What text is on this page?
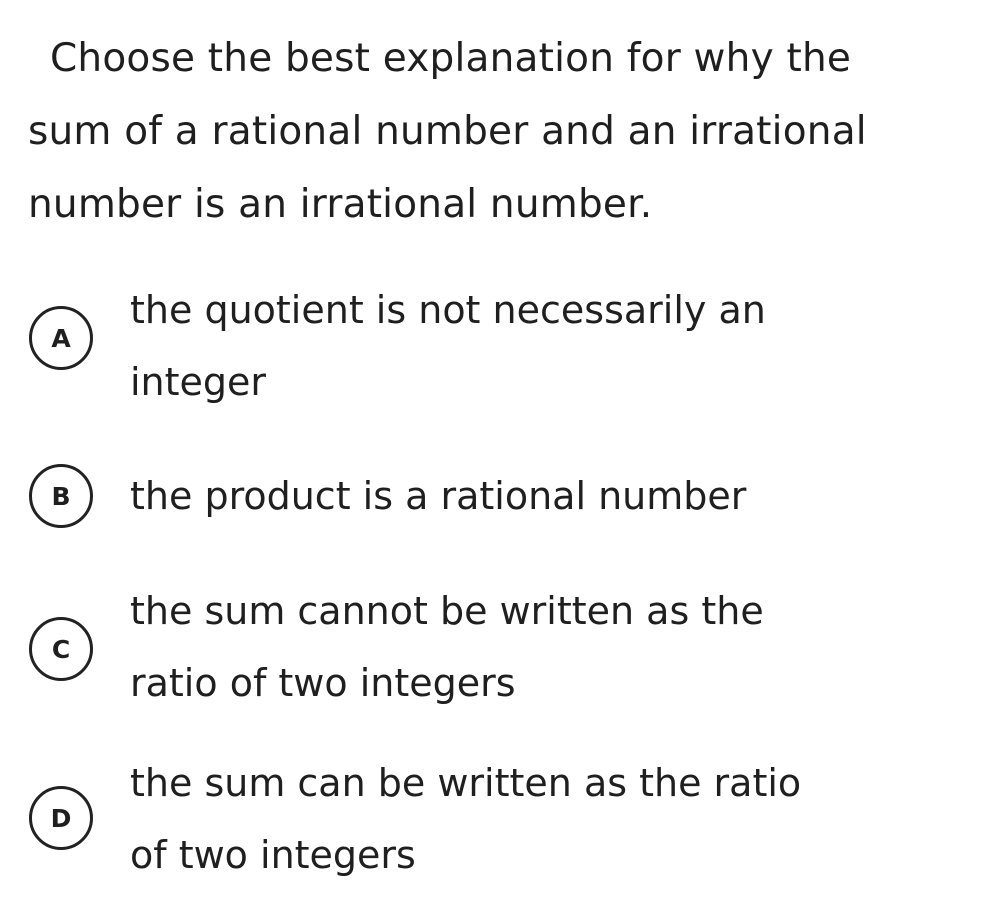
Choose the best explanation for why the
sum of a rational number and an irrational
number is an irrational number.
A
the quotient is not necessarily an
integer
B	the product is a rational number
C
the sum cannot be written as the
ratio of two integers
D
the sum can be written as the ratio
of two integers
